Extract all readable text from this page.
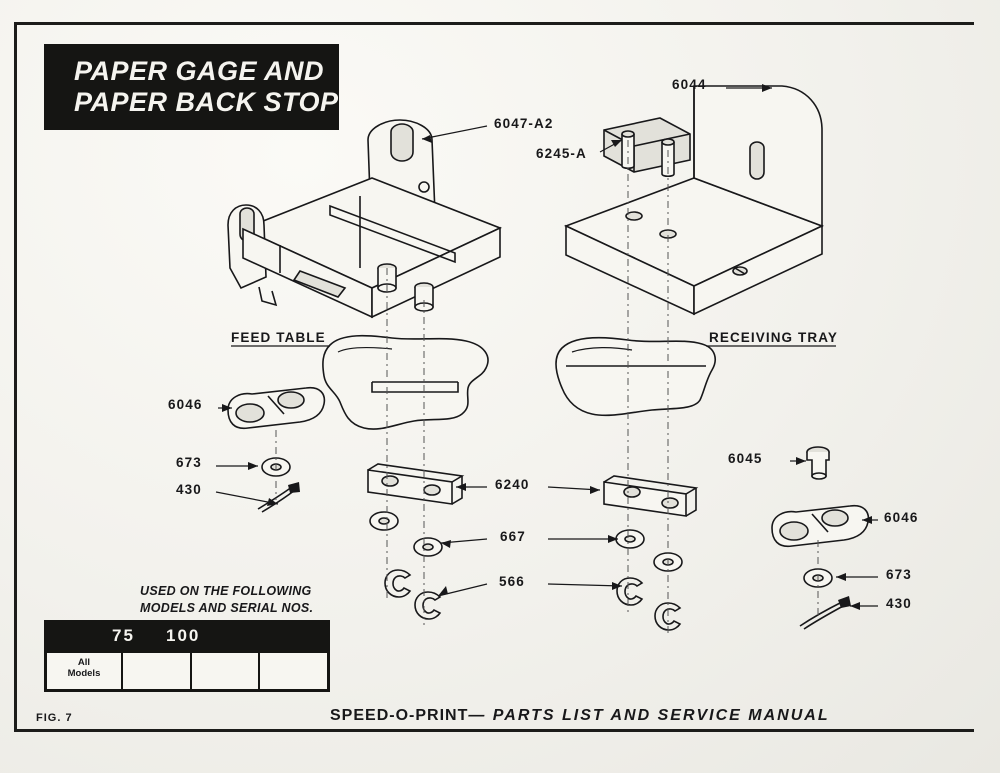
PAPER GAGE AND
PAPER BACK STOP
6044
6047-A2
6245-A
FEED TABLE	RECEIVING TRAY
6046
673
430	6240
667
566
6045
6046
673
430
USED ON THE FOLLOWING
MODELS AND SERIAL NOS.
75 100
All
Models
FIG. 7	SPEED-O-PRINT— PARTS LIST AND SERVICE MANUAL
